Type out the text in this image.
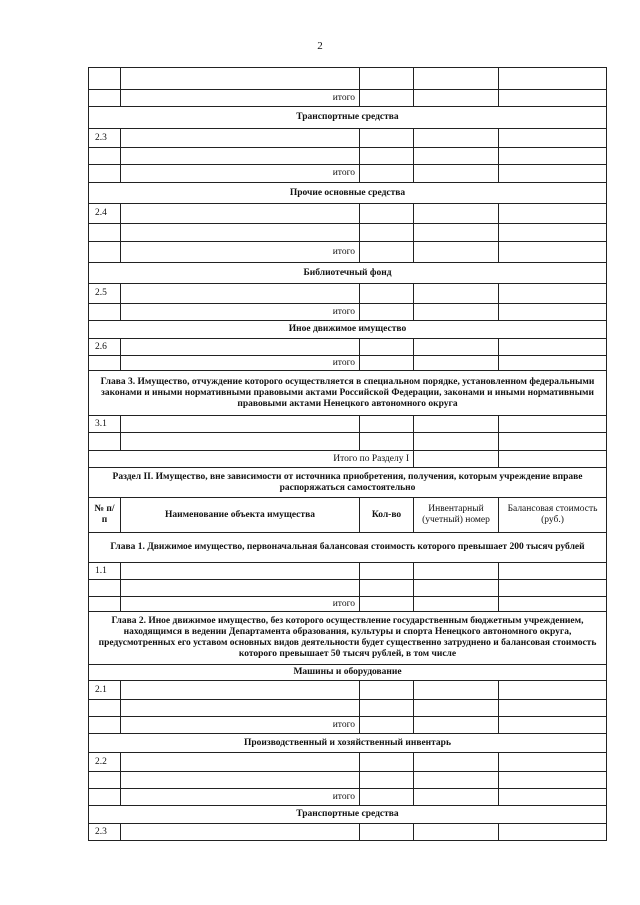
2

	итого			
Транспортные средства				
2.3				

	итого			
Прочие основные средства				
2.4				

	итого			
Библиотечный фонд				
2.5				
	итого			
Иное движимое имущество				
2.6				
	итого			
Глава 3. Имущество, отчуждение которого осуществляется в специальном порядке, установленном федеральными законами и иными нормативными правовыми актами Российской Федерации, законами и иными нормативными правовыми актами Ненецкого автономного округа				
3.1				

Итого по Разделу I				
Раздел II. Имущество, вне зависимости от источника приобретения, получения, которым учреждение вправе распоряжаться самостоятельно				
№ п/п	Наименование объекта имущества	Кол-во	Инвентарный (учетный) номер	Балансовая стоимость (руб.)
Глава 1. Движимое имущество, первоначальная балансовая стоимость которого превышает 200 тысяч рублей				
1.1				

	итого			
Глава 2. Иное движимое имущество, без которого осуществление государственным бюджетным учреждением, находящимся в ведении Департамента образования, культуры и спорта Ненецкого автономного округа, предусмотренных его уставом основных видов деятельности будет существенно затруднено и балансовая стоимость которого превышает 50 тысяч рублей, в том числе				
Машины и оборудование				
2.1				

	итого			
Производственный и хозяйственный инвентарь				
2.2				

	итого			
Транспортные средства				
2.3				
